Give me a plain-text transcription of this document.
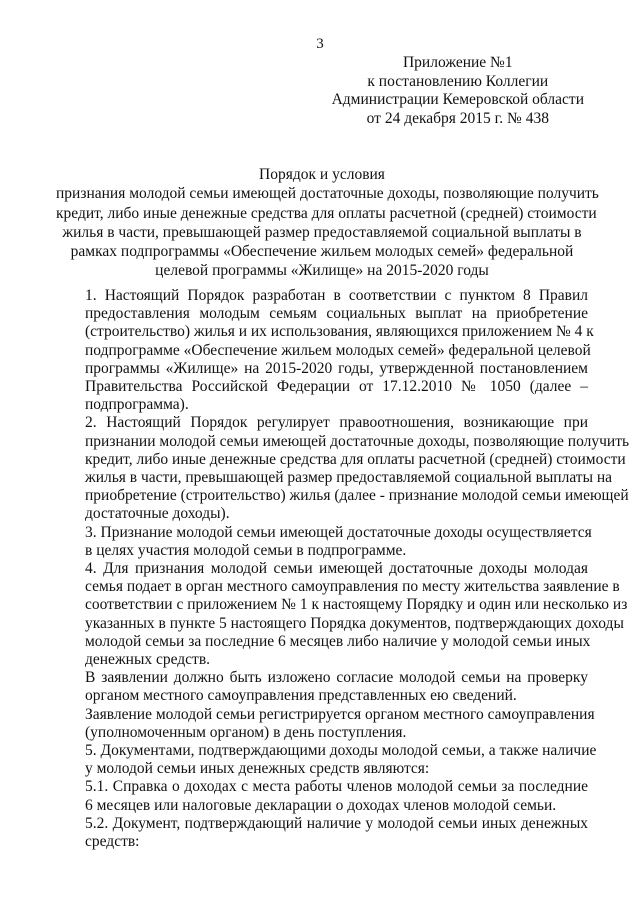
3
Приложение №1
к постановлению Коллегии
Администрации Кемеровской области
от 24 декабря 2015 г. № 438
Порядок и условия
признания молодой семьи имеющей достаточные доходы, позволяющие получить
кредит, либо иные денежные средства для оплаты расчетной (средней) стоимости
жилья в части, превышающей размер предоставляемой социальной выплаты в
рамках подпрограммы «Обеспечение жильем молодых семей» федеральной
целевой программы «Жилище» на 2015-2020 годы
1. Настоящий Порядок разработан в соответствии с пунктом 8 Правил
предоставления молодым семьям социальных выплат на приобретение
(строительство) жилья и их использования, являющихся приложением № 4 к
подпрограмме «Обеспечение жильем молодых семей» федеральной целевой
программы «Жилище» на 2015-2020 годы, утвержденной постановлением
Правительства Российской Федерации от 17.12.2010 № 1050 (далее –
подпрограмма).
2. Настоящий Порядок регулирует правоотношения, возникающие при
признании молодой семьи имеющей достаточные доходы, позволяющие получить
кредит, либо иные денежные средства для оплаты расчетной (средней) стоимости
жилья в части, превышающей размер предоставляемой социальной выплаты на
приобретение (строительство) жилья (далее - признание молодой семьи имеющей
достаточные доходы).
3. Признание молодой семьи имеющей достаточные доходы осуществляется
в целях участия молодой семьи в подпрограмме.
4. Для признания молодой семьи имеющей достаточные доходы молодая
семья подает в орган местного самоуправления по месту жительства заявление в
соответствии с приложением № 1 к настоящему Порядку и один или несколько из
указанных в пункте 5 настоящего Порядка документов, подтверждающих доходы
молодой семьи за последние 6 месяцев либо наличие у молодой семьи иных
денежных средств.
В заявлении должно быть изложено согласие молодой семьи на проверку
органом местного самоуправления представленных ею сведений.
Заявление молодой семьи регистрируется органом местного самоуправления
(уполномоченным органом) в день поступления.
5. Документами, подтверждающими доходы молодой семьи, а также наличие
у молодой семьи иных денежных средств являются:
5.1. Справка о доходах с места работы членов молодой семьи за последние
6 месяцев или налоговые декларации о доходах членов молодой семьи.
5.2. Документ, подтверждающий наличие у молодой семьи иных денежных
средств:
